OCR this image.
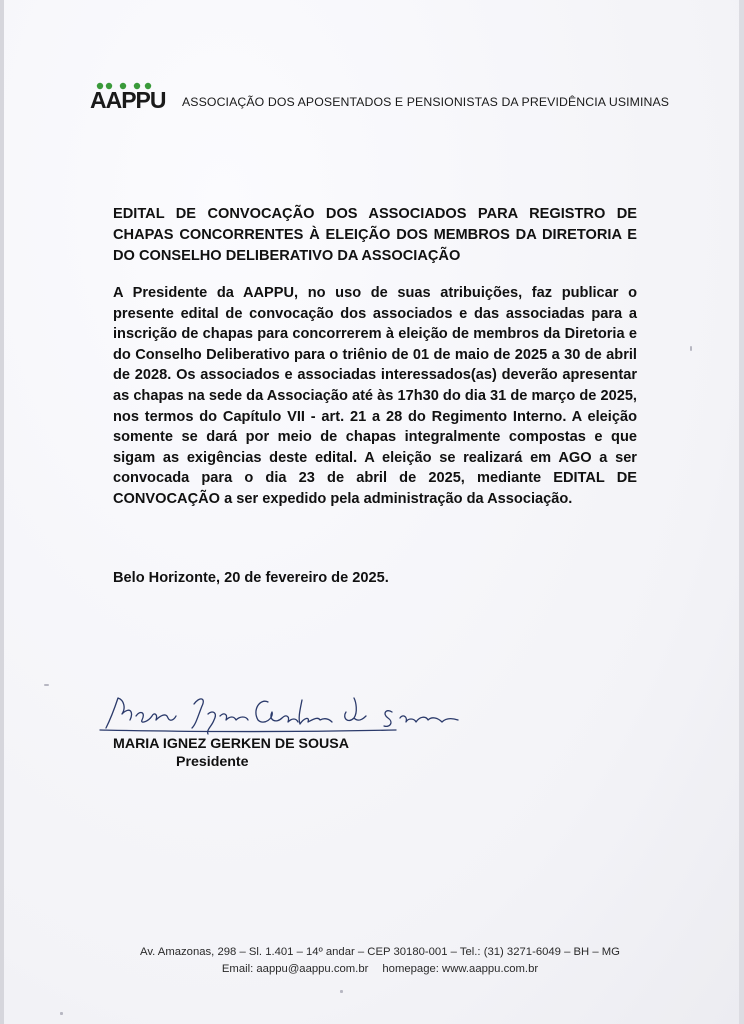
AAPPU ASSOCIAÇÃO DOS APOSENTADOS E PENSIONISTAS DA PREVIDÊNCIA USIMINAS

EDITAL DE CONVOCAÇÃO DOS ASSOCIADOS PARA REGISTRO DE CHAPAS CONCORRENTES À ELEIÇÃO DOS MEMBROS DA DIRETORIA E DO CONSELHO DELIBERATIVO DA ASSOCIAÇÃO

A Presidente da AAPPU, no uso de suas atribuições, faz publicar o presente edital de convocação dos associados e das associadas para a inscrição de chapas para concorrerem à eleição de membros da Diretoria e do Conselho Deliberativo para o triênio de 01 de maio de 2025 a 30 de abril de 2028. Os associados e associadas interessados(as) deverão apresentar as chapas na sede da Associação até às 17h30 do dia 31 de março de 2025, nos termos do Capítulo VII - art. 21 a 28 do Regimento Interno. A eleição somente se dará por meio de chapas integralmente compostas e que sigam as exigências deste edital. A eleição se realizará em AGO a ser convocada para o dia 23 de abril de 2025, mediante EDITAL DE CONVOCAÇÃO a ser expedido pela administração da Associação.

Belo Horizonte, 20 de fevereiro de 2025.

MARIA IGNEZ GERKEN DE SOUSA
Presidente
Av. Amazonas, 298 – Sl. 1.401 – 14º andar – CEP 30180-001 – Tel.: (31) 3271-6049 – BH – MG
Email: aappu@aappu.com.br homepage: www.aappu.com.br
